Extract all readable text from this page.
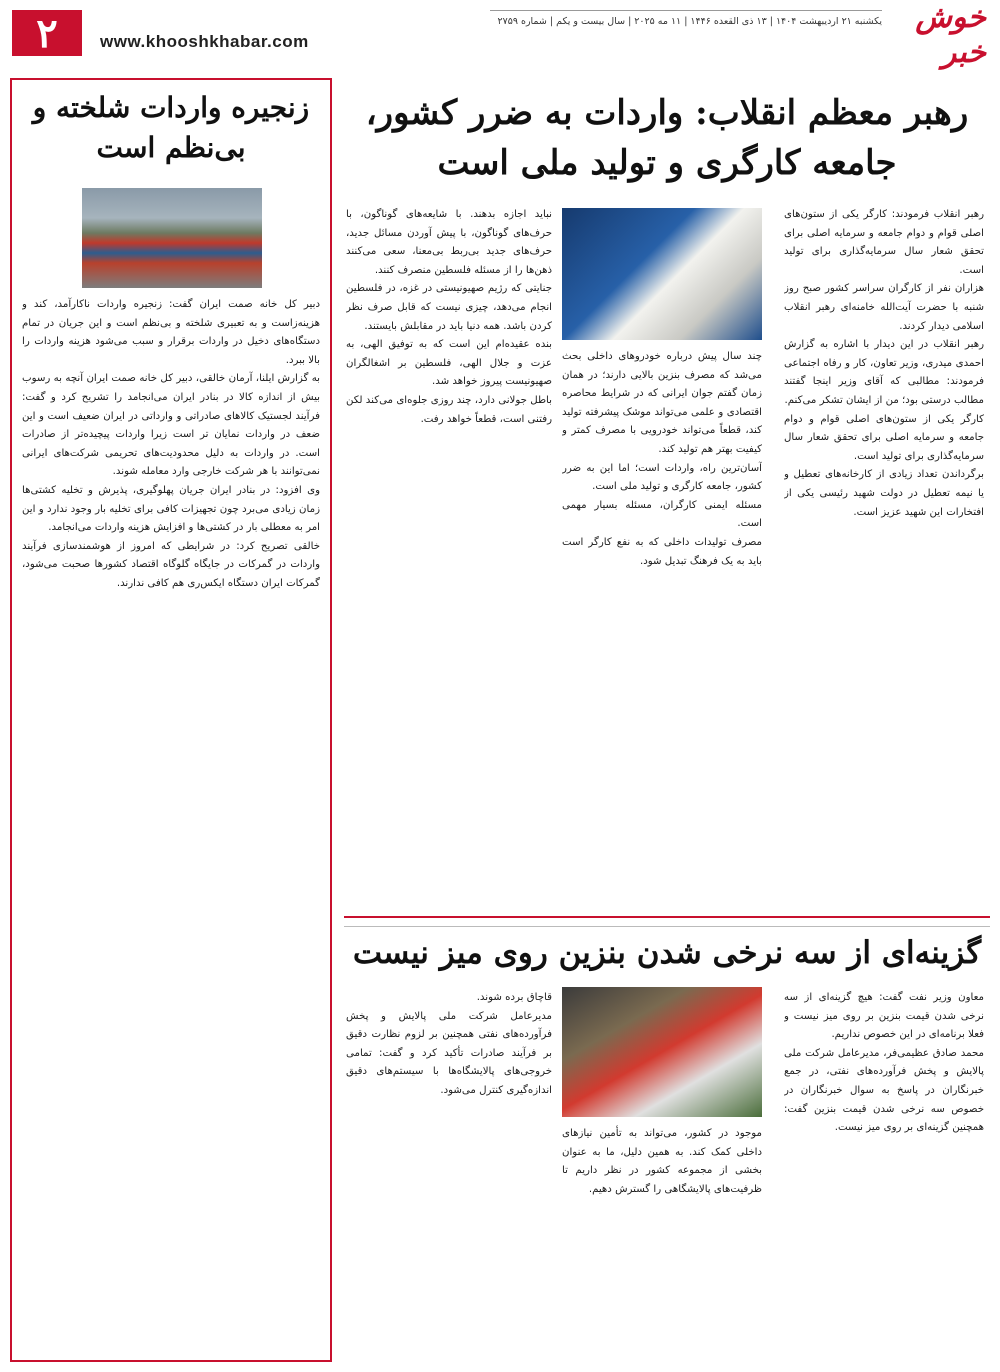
۲	www.khooshkhabar.com
یکشنبه ۲۱ اردیبهشت ۱۴۰۴ | ۱۳ ذی القعده ۱۴۴۶ | ۱۱ مه ۲۰۲۵ | سال بیست و یکم | شماره ۲۷۵۹	خوش خبر
زنجیره واردات شلخته و بی‌نظم است
دبیر کل خانه صمت ایران گفت: زنجیره واردات ناکارآمد، کند و هزینه‌زاست و به تعبیری شلخته و بی‌نظم است و این جریان در تمام دستگاه‌های دخیل در واردات برقرار و سبب می‌شود هزینه واردات را بالا ببرد.
به گزارش ایلنا، آرمان خالقی، دبیر کل خانه صمت ایران آنچه به رسوب بیش از اندازه کالا در بنادر ایران می‌انجامد را تشریح کرد و گفت: فرآیند لجستیک کالاهای صادراتی و وارداتی در ایران ضعیف است و این ضعف در واردات نمایان تر است زیرا واردات پیچیده‌تر از صادرات است. در واردات به دلیل محدودیت‌های تحریمی شرکت‌های ایرانی نمی‌توانند با هر شرکت خارجی وارد معامله شوند.
وی افزود: در بنادر ایران جریان پهلوگیری، پذیرش و تخلیه کشتی‌ها زمان زیادی می‌برد چون تجهیزات کافی برای تخلیه بار وجود ندارد و این امر به معطلی بار در کشتی‌ها و افزایش هزینه واردات می‌انجامد.
خالقی تصریح کرد: در شرایطی که امروز از هوشمندسازی فرآیند واردات در گمرکات در جایگاه گلوگاه اقتصاد کشورها صحبت می‌شود، گمرکات ایران دستگاه ایکس‌ری هم کافی ندارند.
رهبر معظم انقلاب: واردات به ضرر کشور، جامعه کارگری و تولید ملی است
رهبر انقلاب فرمودند: کارگر یکی از ستون‌های اصلی قوام و دوام جامعه و سرمایه اصلی برای تحقق شعار سال سرمایه‌گذاری برای تولید است.
هزاران نفر از کارگران سراسر کشور صبح روز شنبه با حضرت آیت‌الله خامنه‌ای رهبر انقلاب اسلامی دیدار کردند.
رهبر انقلاب در این دیدار با اشاره به گزارش احمدی میدری، وزیر تعاون، کار و رفاه اجتماعی فرمودند: مطالبی که آقای وزیر اینجا گفتند مطالب درستی بود؛ من از ایشان تشکر می‌کنم.
کارگر یکی از ستون‌های اصلی قوام و دوام جامعه و سرمایه اصلی برای تحقق شعار سال سرمایه‌گذاری برای تولید است.
برگرداندن تعداد زیادی از کارخانه‌های تعطیل و یا نیمه تعطیل در دولت شهید رئیسی یکی از افتخارات این شهید عزیز است.
چند سال پیش درباره خودروهای داخلی بحث می‌شد که مصرف بنزین بالایی دارند؛ در همان زمان گفتم جوان ایرانی که در شرایط محاصره اقتصادی و علمی می‌تواند موشک پیشرفته تولید کند، قطعاً می‌تواند خودرویی با مصرف کمتر و کیفیت بهتر هم تولید کند.
آسان‌ترین راه، واردات است؛ اما این به ضرر کشور، جامعه کارگری و تولید ملی است.
مسئله ایمنی کارگران، مسئله بسیار مهمی است.
مصرف تولیدات داخلی که به نفع کارگر است باید به یک فرهنگ تبدیل شود.
نباید اجازه بدهند. با شایعه‌های گوناگون، با حرف‌های گوناگون، با پیش آوردن مسائل جدید، حرف‌های جدید بی‌ربط بی‌معنا، سعی می‌کنند ذهن‌ها را از مسئله فلسطین منصرف کنند.
جنایتی که رژیم صهیونیستی در غزه، در فلسطین انجام می‌دهد، چیزی نیست که قابل صرف نظر کردن باشد. همه دنیا باید در مقابلش بایستند.
بنده عقیده‌ام این است که به توفیق الهی، به عزت و جلال الهی، فلسطین بر اشغالگران صهیونیست پیروز خواهد شد.
باطل جولانی دارد، چند روزی جلوه‌ای می‌کند لکن رفتنی است، قطعاً خواهد رفت.
گزینه‌ای از سه نرخی شدن بنزین روی میز نیست
معاون وزیر نفت گفت: هیچ گزینه‌ای از سه نرخی شدن قیمت بنزین بر روی میز نیست و فعلا برنامه‌ای در این خصوص نداریم.
محمد صادق عظیمی‌فر، مدیرعامل شرکت ملی پالایش و پخش فرآورده‌های نفتی، در جمع خبرنگاران در پاسخ به سوال خبرنگاران در خصوص سه نرخی شدن قیمت بنزین گفت: همچنین گزینه‌ای بر روی میز نیست.
موجود در کشور، می‌تواند به تأمین نیازهای داخلی کمک کند. به همین دلیل، ما به عنوان بخشی از مجموعه کشور در نظر داریم تا ظرفیت‌های پالایشگاهی را گسترش دهیم.
قاچاق برده شوند.
مدیرعامل شرکت ملی پالایش و پخش فرآورده‌های نفتی همچنین بر لزوم نظارت دقیق بر فرآیند صادرات تأکید کرد و گفت: تمامی خروجی‌های پالایشگاه‌ها با سیستم‌های دقیق اندازه‌گیری کنترل می‌شود.
